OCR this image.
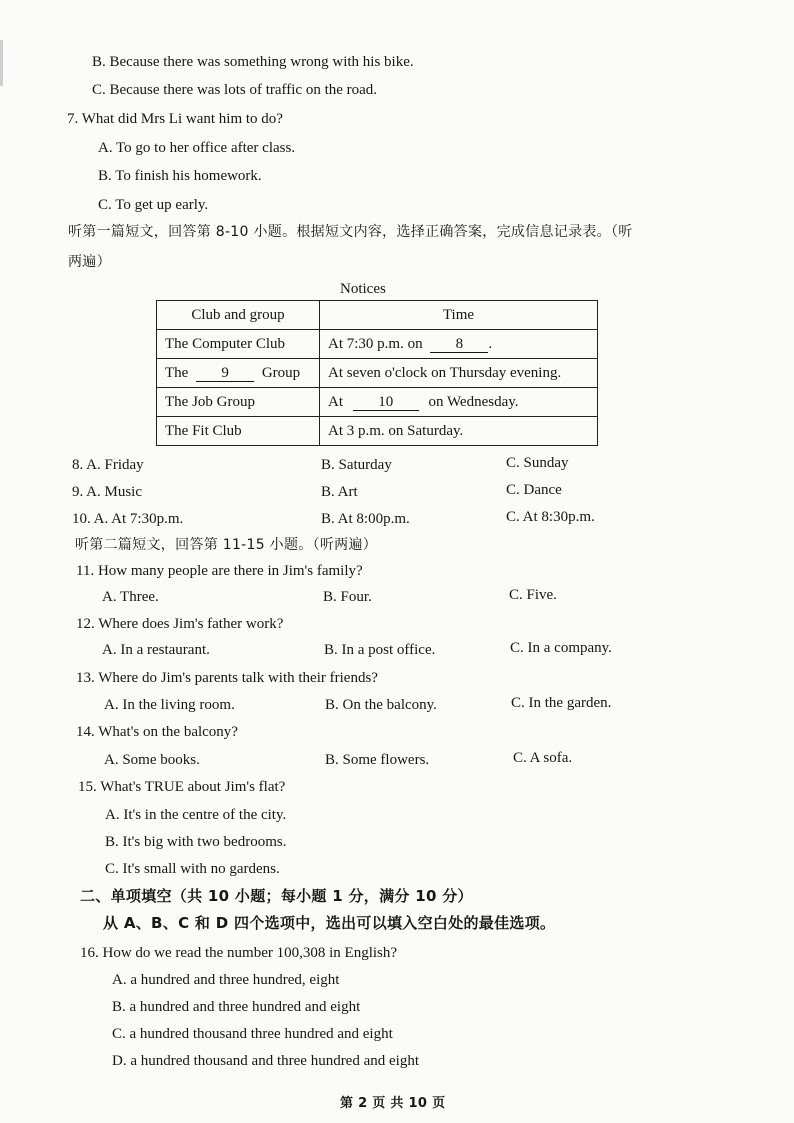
B. Because there was something wrong with his bike.
C. Because there was lots of traffic on the road.
7. What did Mrs Li want him to do?
A. To go to her office after class.
B. To finish his homework.
C. To get up early.
听第一篇短文，回答第 8-10 小题。根据短文内容，选择正确答案，完成信息记录表。（听
两遍）
Notices
Club and group	Time
The Computer Club	At 7:30 p.m. on 8 .
The 9 Group	At seven o'clock on Thursday evening.
The Job Group	At 10 on Wednesday.
The Fit Club	At 3 p.m. on Saturday.
8. A. Friday	B. Saturday	C. Sunday
9. A. Music	B. Art	C. Dance
10. A. At 7:30p.m.	B. At 8:00p.m.	C. At 8:30p.m.
听第二篇短文，回答第 11-15 小题。（听两遍）
11. How many people are there in Jim's family?
A. Three.	B. Four.	C. Five.
12. Where does Jim's father work?
A. In a restaurant.	B. In a post office.	C. In a company.
13. Where do Jim's parents talk with their friends?
A. In the living room.	B. On the balcony.	C. In the garden.
14. What's on the balcony?
A. Some books.	B. Some flowers.	C. A sofa.
15. What's TRUE about Jim's flat?
A. It's in the centre of the city.
B. It's big with two bedrooms.
C. It's small with no gardens.
二、单项填空（共 10 小题；每小题 1 分，满分 10 分）
从 A、B、C 和 D 四个选项中，选出可以填入空白处的最佳选项。
16. How do we read the number 100,308 in English?
A. a hundred and three hundred, eight
B. a hundred and three hundred and eight
C. a hundred thousand three hundred and eight
D. a hundred thousand and three hundred and eight
第 2 页 共 10 页
